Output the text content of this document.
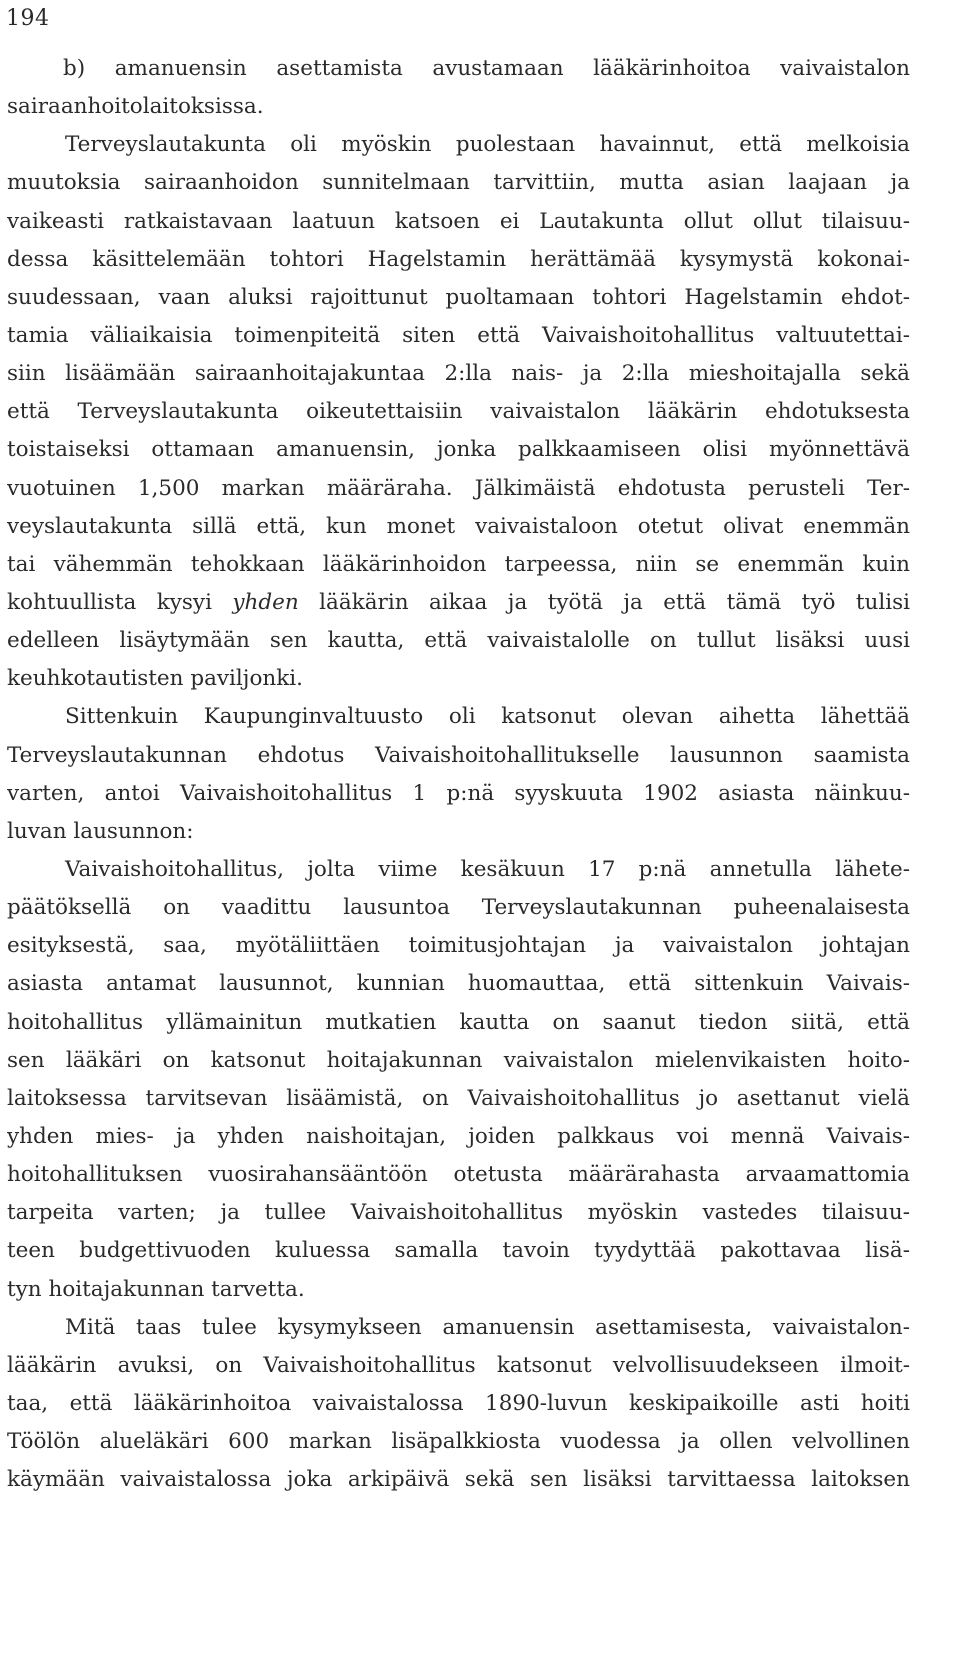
194
b) amanuensin asettamista avustamaan lääkärinhoitoa vaivaistalon
sairaanhoitolaitoksissa.
Terveyslautakunta oli myöskin puolestaan havainnut, että melkoisia
muutoksia sairaanhoidon sunnitelmaan tarvittiin, mutta asian laajaan ja
vaikeasti ratkaistavaan laatuun katsoen ei Lautakunta ollut ollut tilaisuu-
dessa käsittelemään tohtori Hagelstamin herättämää kysymystä kokonai-
suudessaan, vaan aluksi rajoittunut puoltamaan tohtori Hagelstamin ehdot-
tamia väliaikaisia toimenpiteitä siten että Vaivaishoitohallitus valtuutettai-
siin lisäämään sairaanhoitajakuntaa 2:lla nais- ja 2:lla mieshoitajalla sekä
että Terveyslautakunta oikeutettaisiin vaivaistalon lääkärin ehdotuksesta
toistaiseksi ottamaan amanuensin, jonka palkkaamiseen olisi myönnettävä
vuotuinen 1,500 markan määräraha. Jälkimäistä ehdotusta perusteli Ter-
veyslautakunta sillä että, kun monet vaivaistaloon otetut olivat enemmän
tai vähemmän tehokkaan lääkärinhoidon tarpeessa, niin se enemmän kuin
kohtuullista kysyi yhden lääkärin aikaa ja työtä ja että tämä työ tulisi
edelleen lisäytymään sen kautta, että vaivaistalolle on tullut lisäksi uusi
keuhkotautisten paviljonki.
Sittenkuin Kaupunginvaltuusto oli katsonut olevan aihetta lähettää
Terveyslautakunnan ehdotus Vaivaishoitohallitukselle lausunnon saamista
varten, antoi Vaivaishoitohallitus 1 p:nä syyskuuta 1902 asiasta näinkuu-
luvan lausunnon:
Vaivaishoitohallitus, jolta viime kesäkuun 17 p:nä annetulla lähete-
päätöksellä on vaadittu lausuntoa Terveyslautakunnan puheenalaisesta
esityksestä, saa, myötäliittäen toimitusjohtajan ja vaivaistalon johtajan
asiasta antamat lausunnot, kunnian huomauttaa, että sittenkuin Vaivais-
hoitohallitus yllämainitun mutkatien kautta on saanut tiedon siitä, että
sen lääkäri on katsonut hoitajakunnan vaivaistalon mielenvikaisten hoito-
laitoksessa tarvitsevan lisäämistä, on Vaivaishoitohallitus jo asettanut vielä
yhden mies- ja yhden naishoitajan, joiden palkkaus voi mennä Vaivais-
hoitohallituksen vuosirahansääntöön otetusta määrärahasta arvaamattomia
tarpeita varten; ja tullee Vaivaishoitohallitus myöskin vastedes tilaisuu-
teen budgettivuoden kuluessa samalla tavoin tyydyttää pakottavaa lisä-
tyn hoitajakunnan tarvetta.
Mitä taas tulee kysymykseen amanuensin asettamisesta, vaivaistalon-
lääkärin avuksi, on Vaivaishoitohallitus katsonut velvollisuudekseen ilmoit-
taa, että lääkärinhoitoa vaivaistalossa 1890-luvun keskipaikoille asti hoiti
Töölön alueläkäri 600 markan lisäpalkkiosta vuodessa ja ollen velvollinen
käymään vaivaistalossa joka arkipäivä sekä sen lisäksi tarvittaessa laitoksen
